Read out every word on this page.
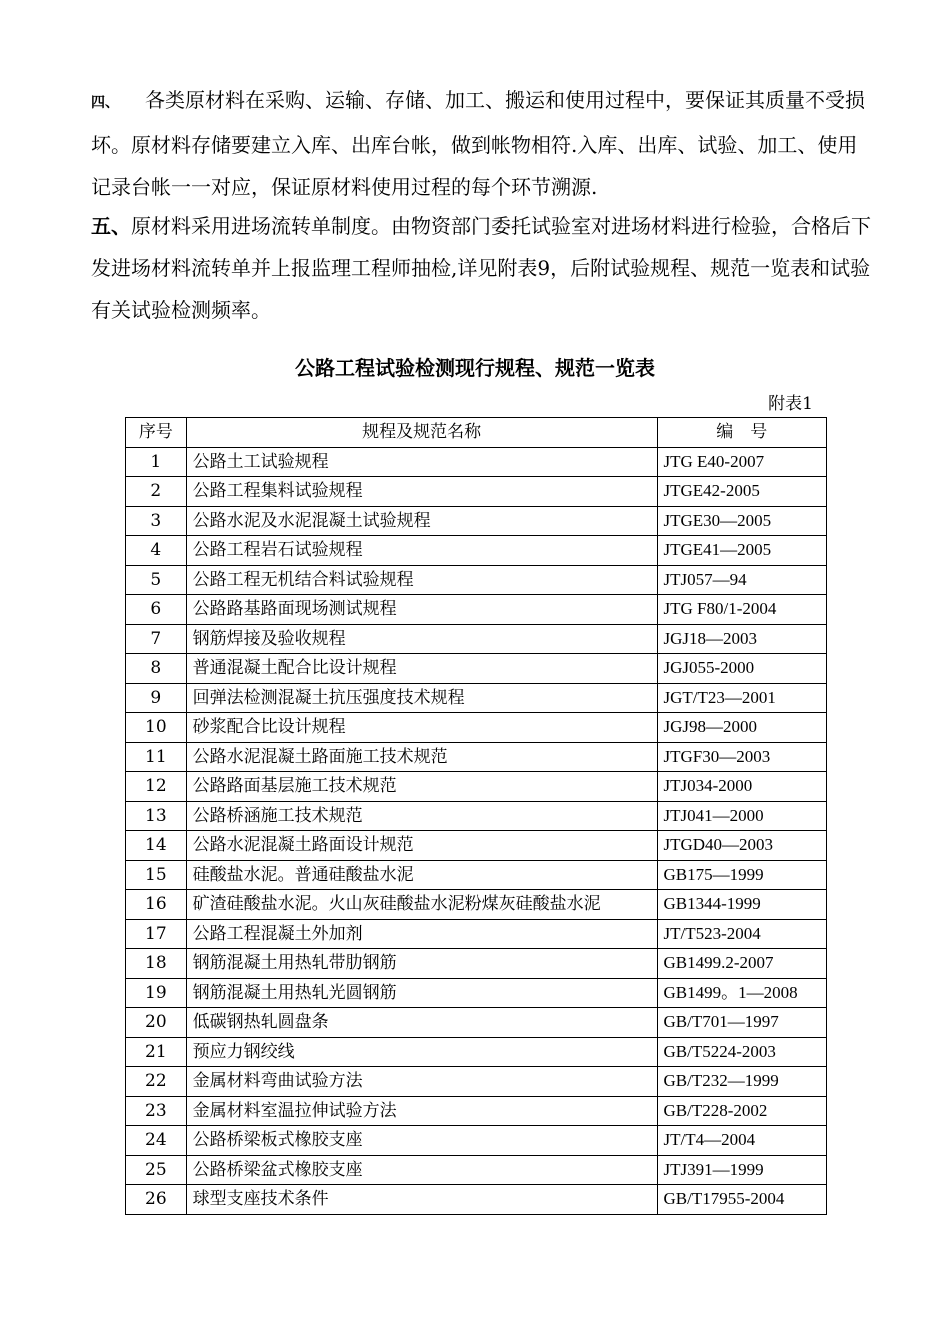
四、 各类原材料在采购、运输、存储、加工、搬运和使用过程中，要保证其质量不受损坏。原材料存储要建立入库、出库台帐，做到帐物相符.入库、出库、试验、加工、使用记录台帐一一对应，保证原材料使用过程的每个环节溯源.

五、原材料采用进场流转单制度。由物资部门委托试验室对进场材料进行检验，合格后下发进场材料流转单并上报监理工程师抽检,详见附表9，后附试验规程、规范一览表和试验有关试验检测频率。

公路工程试验检测现行规程、规范一览表
附表1
序号	规程及规范名称	编　号
1	公路土工试验规程	JTG E40-2007
2	公路工程集料试验规程	JTGE42-2005
3	公路水泥及水泥混凝土试验规程	JTGE30—2005
4	公路工程岩石试验规程	JTGE41—2005
5	公路工程无机结合料试验规程	JTJ057—94
6	公路路基路面现场测试规程	JTG F80/1-2004
7	钢筋焊接及验收规程	JGJ18—2003
8	普通混凝土配合比设计规程	JGJ055-2000
9	回弹法检测混凝土抗压强度技术规程	JGT/T23—2001
10	砂浆配合比设计规程	JGJ98—2000
11	公路水泥混凝土路面施工技术规范	JTGF30—2003
12	公路路面基层施工技术规范	JTJ034-2000
13	公路桥涵施工技术规范	JTJ041—2000
14	公路水泥混凝土路面设计规范	JTGD40—2003
15	硅酸盐水泥。普通硅酸盐水泥	GB175—1999
16	矿渣硅酸盐水泥。火山灰硅酸盐水泥粉煤灰硅酸盐水泥	GB1344-1999
17	公路工程混凝土外加剂	JT/T523-2004
18	钢筋混凝土用热轧带肋钢筋	GB1499.2-2007
19	钢筋混凝土用热轧光圆钢筋	GB1499。1—2008
20	低碳钢热轧圆盘条	GB/T701—1997
21	预应力钢绞线	GB/T5224-2003
22	金属材料弯曲试验方法	GB/T232—1999
23	金属材料室温拉伸试验方法	GB/T228-2002
24	公路桥梁板式橡胶支座	JT/T4—2004
25	公路桥梁盆式橡胶支座	JTJ391—1999
26	球型支座技术条件	GB/T17955-2004
